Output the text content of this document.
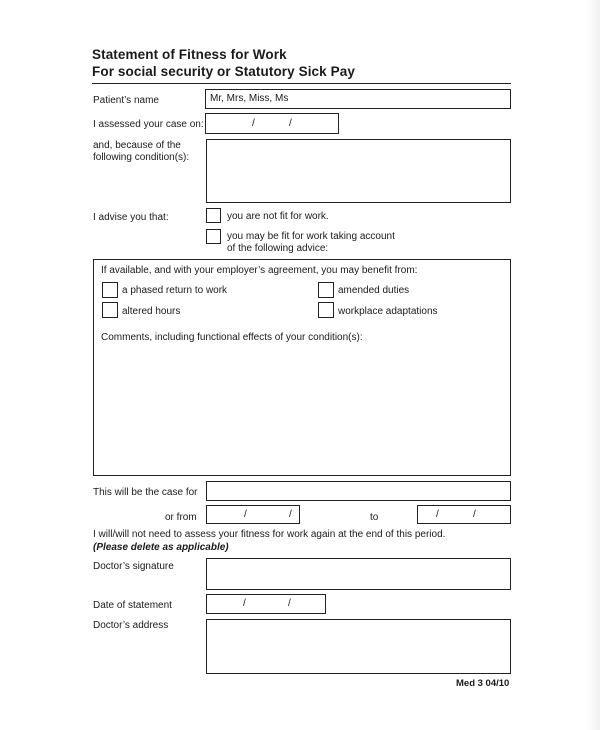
Statement of Fitness for Work
For social security or Statutory Sick Pay
Patient’s name	Mr, Mrs, Miss, Ms
I assessed your case on:	/	/
and, because of the
following condition(s):
I advise you that:	you are not fit for work.
you may be fit for work taking account
of the following advice:
If available, and with your employer’s agreement, you may benefit from:
a phased return to work	amended duties
altered hours	workplace adaptations
Comments, including functional effects of your condition(s):
This will be the case for
or from	/	/	to	/	/
I will/will not need to assess your fitness for work again at the end of this period.
(Please delete as applicable)
Doctor’s signature
Date of statement	/	/
Doctor’s address
Med 3 04/10
